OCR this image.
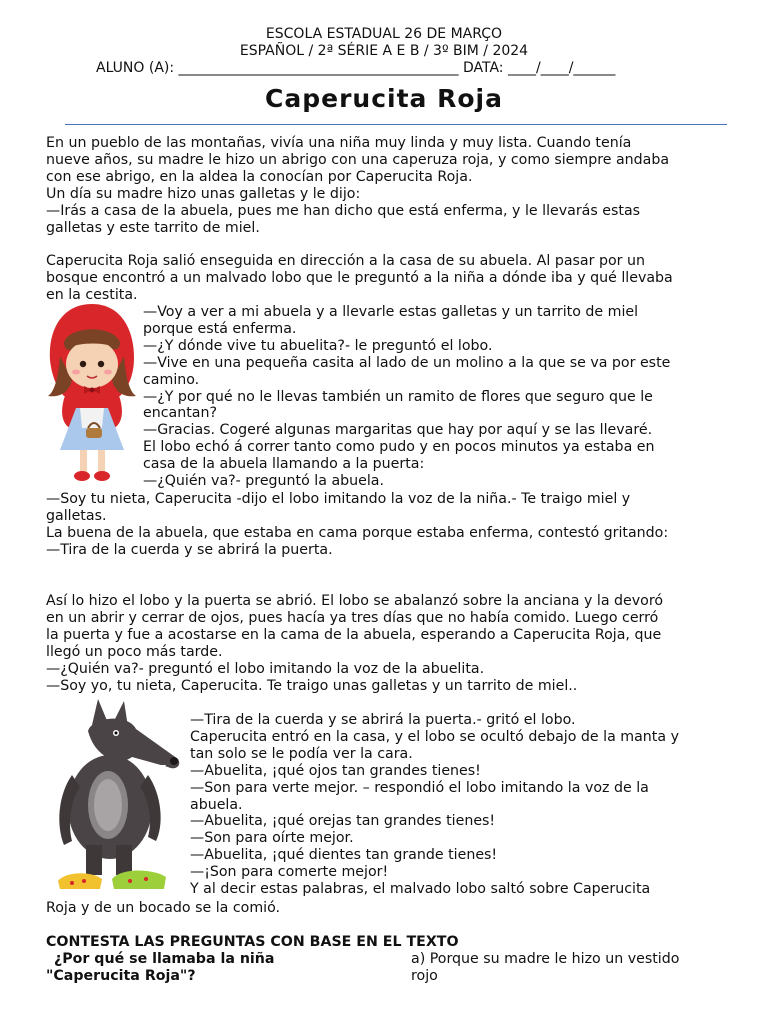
ESCOLA ESTADUAL 26 DE MARÇO
ESPAÑOL / 2ª SÉRIE A E B / 3º BIM / 2024
ALUNO (A): ________________________________________ DATA: ____/____/______
Caperucita Roja

En un pueblo de las montañas, vivía una niña muy linda y muy lista. Cuando tenía

nueve años, su madre le hizo un abrigo con una caperuza roja, y como siempre andaba

con ese abrigo, en la aldea la conocían por Caperucita Roja.

Un día su madre hizo unas galletas y le dijo:

—Irás a casa de la abuela, pues me han dicho que está enferma, y le llevarás estas

galletas y este tarrito de miel.

Caperucita Roja salió enseguida en dirección a la casa de su abuela. Al pasar por un

bosque encontró a un malvado lobo que le preguntó a la niña a dónde iba y qué llevaba

en la cestita.

—Voy a ver a mi abuela y a llevarle estas galletas y un tarrito de miel

porque está enferma.

—¿Y dónde vive tu abuelita?- le preguntó el lobo.

—Vive en una pequeña casita al lado de un molino a la que se va por este

camino.

—¿Y por qué no le llevas también un ramito de flores que seguro que le

encantan?

—Gracias. Cogeré algunas margaritas que hay por aquí y se las llevaré.

El lobo echó á correr tanto como pudo y en pocos minutos ya estaba en

casa de la abuela llamando a la puerta:

—¿Quién va?- preguntó la abuela.

—Soy tu nieta, Caperucita -dijo el lobo imitando la voz de la niña.- Te traigo miel y

galletas.

La buena de la abuela, que estaba en cama porque estaba enferma, contestó gritando:

—Tira de la cuerda y se abrirá la puerta.

Así lo hizo el lobo y la puerta se abrió. El lobo se abalanzó sobre la anciana y la devoró

en un abrir y cerrar de ojos, pues hacía ya tres días que no había comido. Luego cerró

la puerta y fue a acostarse en la cama de la abuela, esperando a Caperucita Roja, que

llegó un poco más tarde.

—¿Quién va?- preguntó el lobo imitando la voz de la abuelita.

—Soy yo, tu nieta, Caperucita. Te traigo unas galletas y un tarrito de miel..

—Tira de la cuerda y se abrirá la puerta.- gritó el lobo.

Caperucita entró en la casa, y el lobo se ocultó debajo de la manta y

tan solo se le podía ver la cara.

—Abuelita, ¡qué ojos tan grandes tienes!

—Son para verte mejor. – respondió el lobo imitando la voz de la

abuela.

—Abuelita, ¡qué orejas tan grandes tienes!

—Son para oírte mejor.

—Abuelita, ¡qué dientes tan grande tienes!

—¡Son para comerte mejor!

Y al decir estas palabras, el malvado lobo saltó sobre Caperucita

Roja y de un bocado se la comió.

CONTESTA LAS PREGUNTAS CON BASE EN EL TEXTO
¿Por qué se llamaba la niña
"Caperucita Roja"?
a) Porque su madre le hizo un vestido
rojo
